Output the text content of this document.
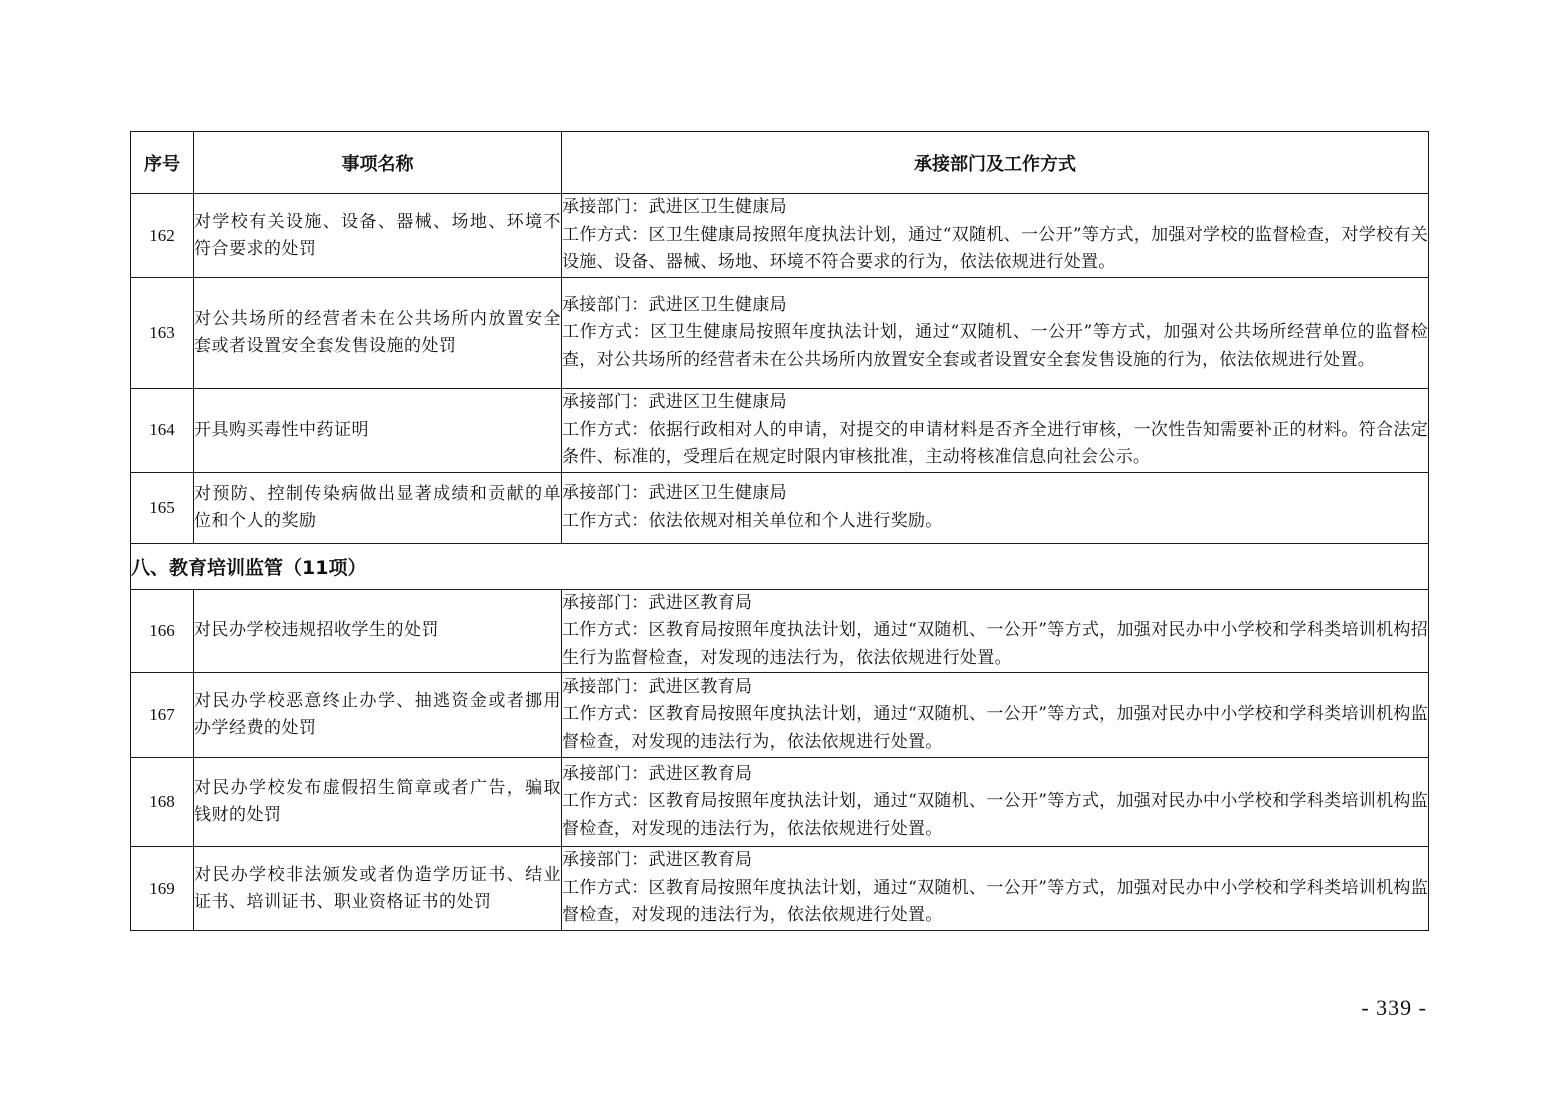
序号	事项名称	承接部门及工作方式
162	对学校有关设施、设备、器械、场地、环境不符合要求的处罚	承接部门：武进区卫生健康局

工作方式：区卫生健康局按照年度执法计划，通过“双随机、一公开”等方式，加强对学校的监督检查，对学校有关设施、设备、器械、场地、环境不符合要求的行为，依法依规进行处置。

163	对公共场所的经营者未在公共场所内放置安全套或者设置安全套发售设施的处罚	承接部门：武进区卫生健康局

工作方式：区卫生健康局按照年度执法计划，通过“双随机、一公开”等方式，加强对公共场所经营单位的监督检查，对公共场所的经营者未在公共场所内放置安全套或者设置安全套发售设施的行为，依法依规进行处置。

164	开具购买毒性中药证明	承接部门：武进区卫生健康局

工作方式：依据行政相对人的申请，对提交的申请材料是否齐全进行审核，一次性告知需要补正的材料。符合法定条件、标准的，受理后在规定时限内审核批准，主动将核准信息向社会公示。

165	对预防、控制传染病做出显著成绩和贡献的单位和个人的奖励	承接部门：武进区卫生健康局

工作方式：依法依规对相关单位和个人进行奖励。

八、教育培训监管（11项）		
166	对民办学校违规招收学生的处罚	承接部门：武进区教育局

工作方式：区教育局按照年度执法计划，通过“双随机、一公开”等方式，加强对民办中小学校和学科类培训机构招生行为监督检查，对发现的违法行为，依法依规进行处置。

167	对民办学校恶意终止办学、抽逃资金或者挪用办学经费的处罚	承接部门：武进区教育局

工作方式：区教育局按照年度执法计划，通过“双随机、一公开”等方式，加强对民办中小学校和学科类培训机构监督检查，对发现的违法行为，依法依规进行处置。

168	对民办学校发布虚假招生简章或者广告，骗取钱财的处罚	承接部门：武进区教育局

工作方式：区教育局按照年度执法计划，通过“双随机、一公开”等方式，加强对民办中小学校和学科类培训机构监督检查，对发现的违法行为，依法依规进行处置。

169	对民办学校非法颁发或者伪造学历证书、结业证书、培训证书、职业资格证书的处罚	承接部门：武进区教育局

工作方式：区教育局按照年度执法计划，通过“双随机、一公开”等方式，加强对民办中小学校和学科类培训机构监督检查，对发现的违法行为，依法依规进行处置。

- 339 -
